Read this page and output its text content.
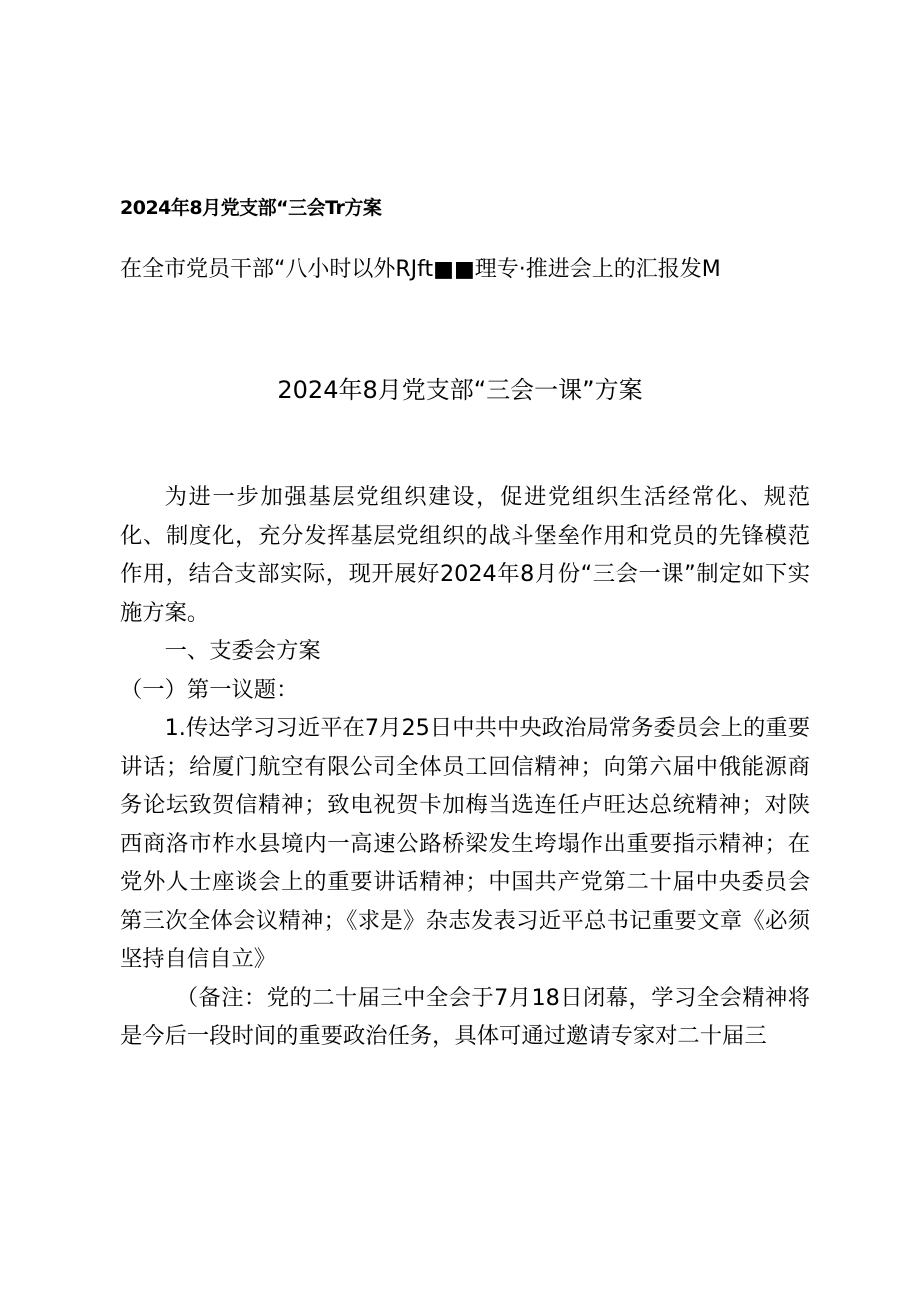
2024年8月党支部“三会Tr方案
在全市党员干部“八小时以外RJft■■理专·推进会上的汇报发M
2024年8月党支部“三会一课”方案

为进一步加强基层党组织建设，促进党组织生活经常化、规范化、制度化，充分发挥基层党组织的战斗堡垒作用和党员的先锋模范作用，结合支部实际，现开展好2024年8月份“三会一课”制定如下实施方案。

一、支委会方案

（一）第一议题：

1.传达学习习近平在7月25日中共中央政治局常务委员会上的重要讲话；给厦门航空有限公司全体员工回信精神；向第六届中俄能源商务论坛致贺信精神；致电祝贺卡加梅当选连任卢旺达总统精神；对陕西商洛市柞水县境内一高速公路桥梁发生垮塌作出重要指示精神；在党外人士座谈会上的重要讲话精神；中国共产党第二十届中央委员会第三次全体会议精神；《求是》杂志发表习近平总书记重要文章《必须坚持自信自立》

（备注：党的二十届三中全会于7月18日闭幕，学习全会精神将是今后一段时间的重要政治任务，具体可通过邀请专家对二十届三
